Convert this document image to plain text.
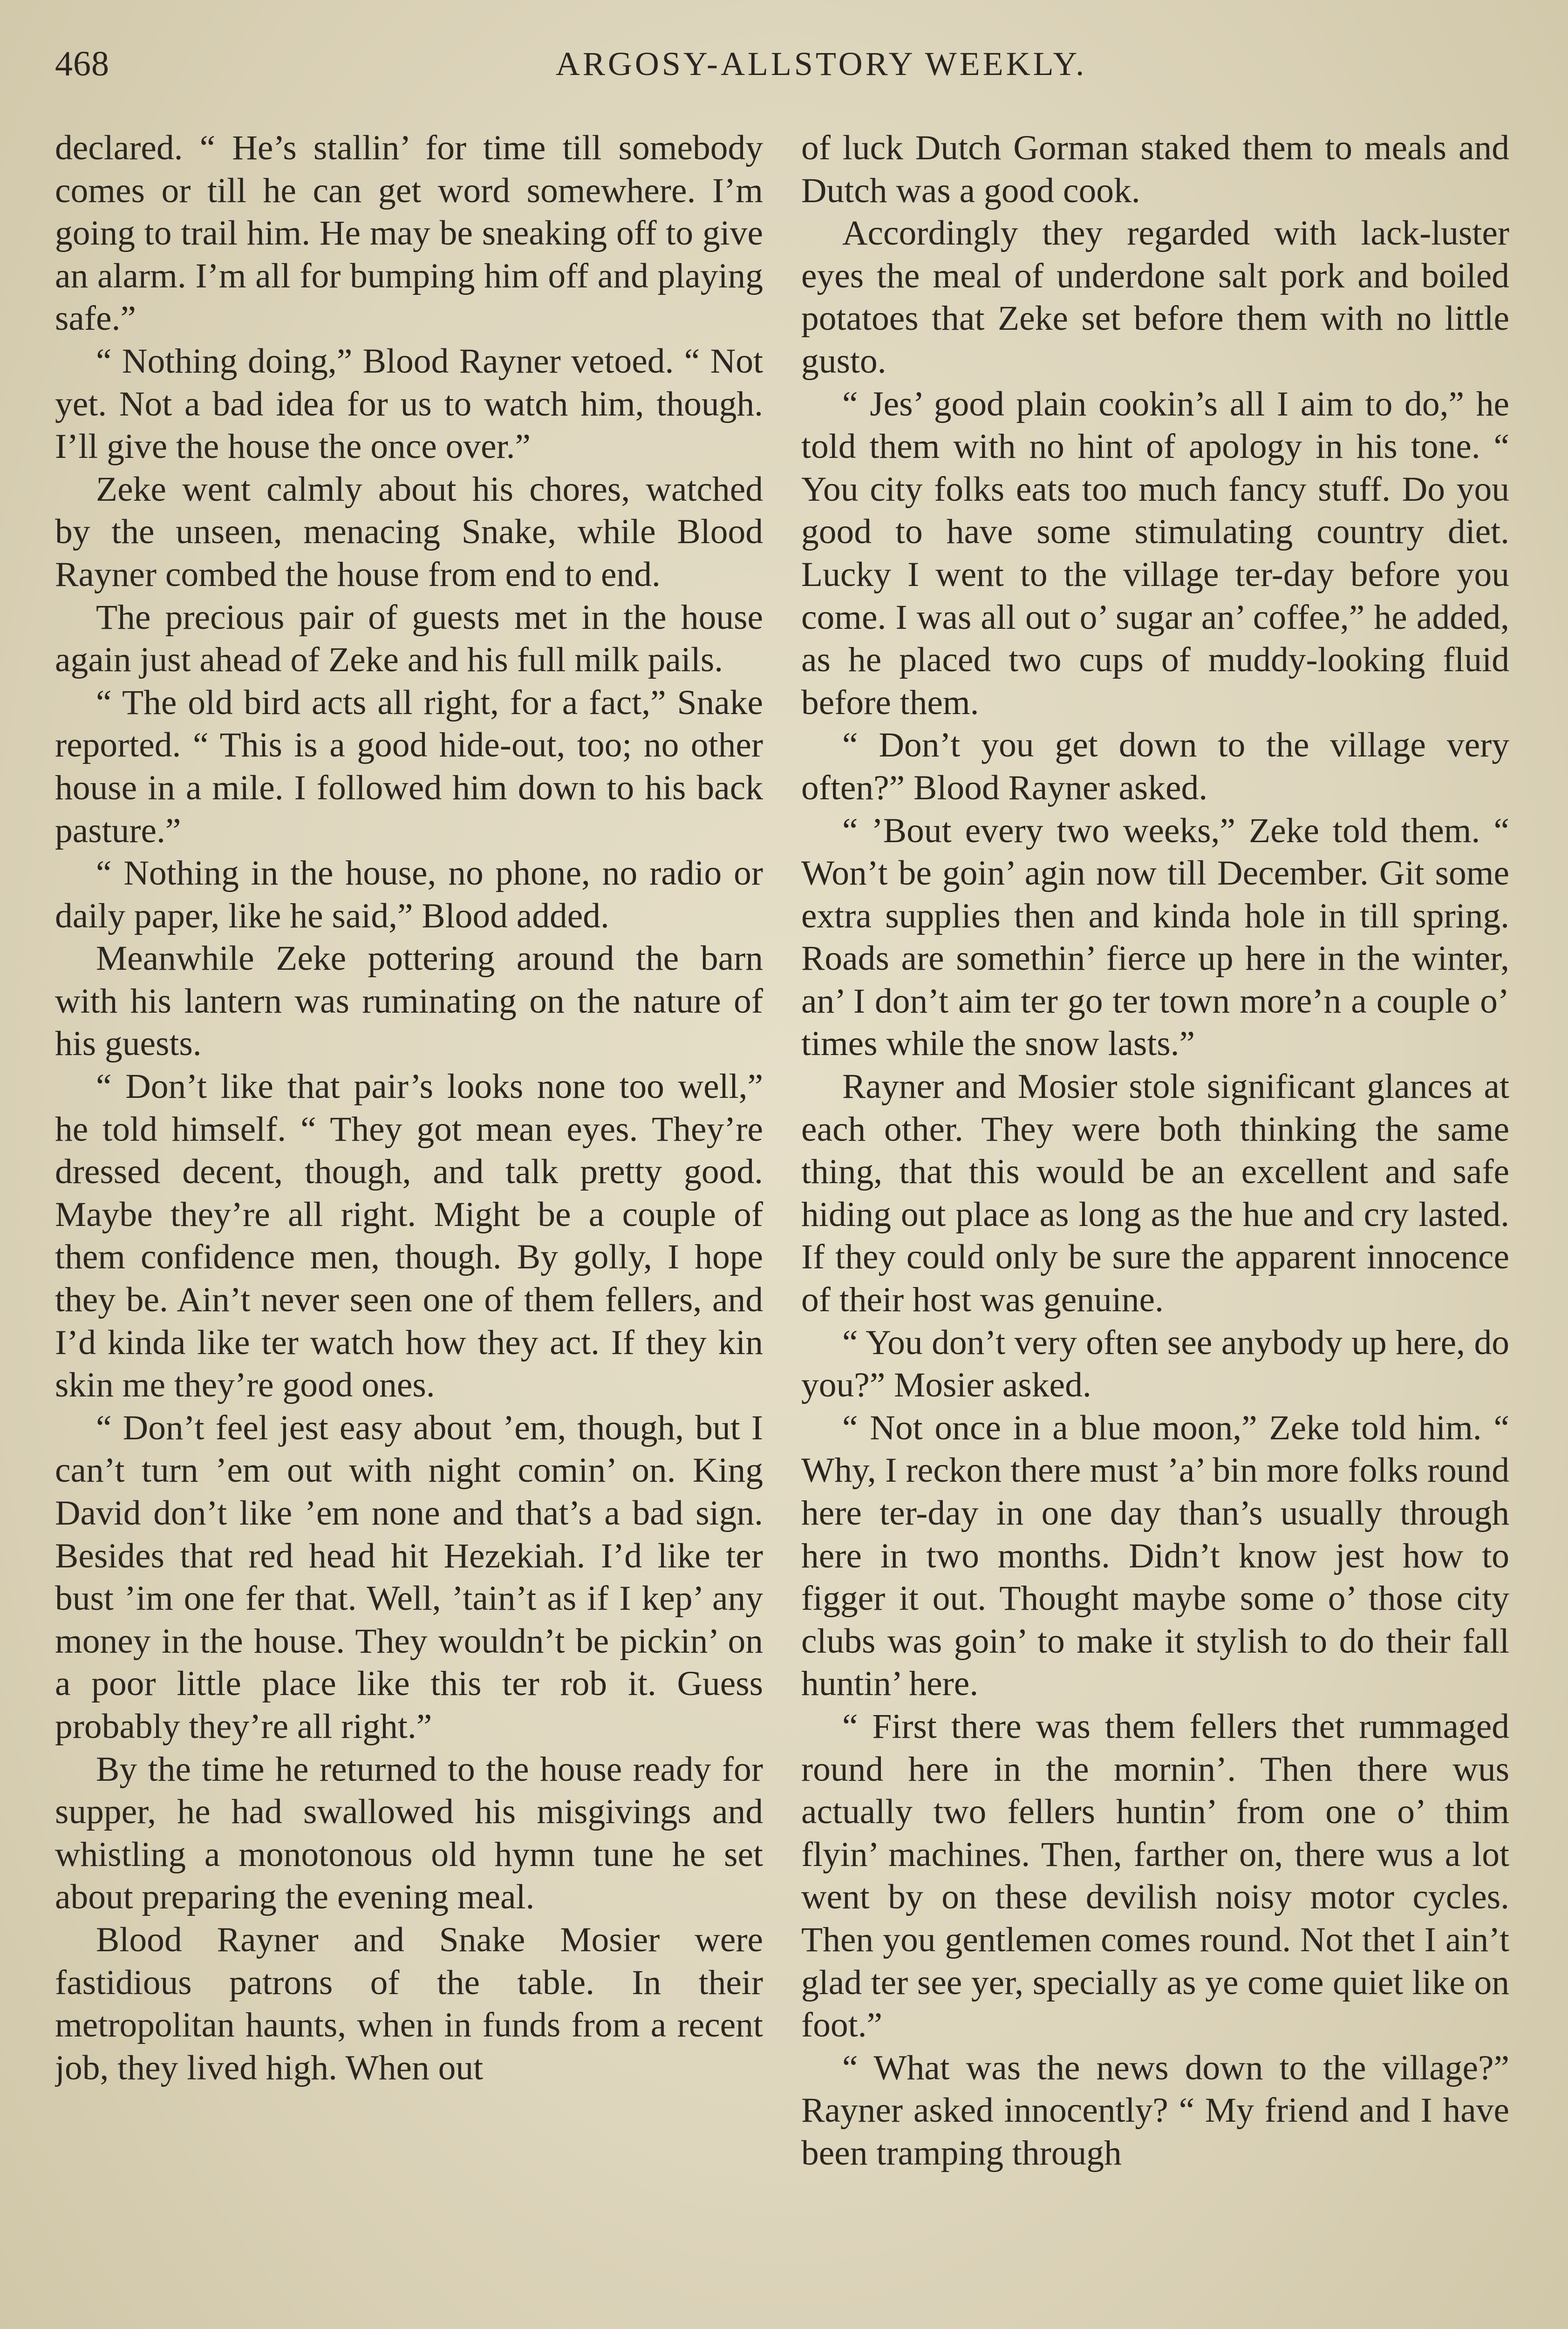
468	ARGOSY-ALLSTORY WEEKLY.

declared. “ He’s stallin’ for time till somebody comes or till he can get word somewhere. I’m going to trail him. He may be sneaking off to give an alarm. I’m all for bumping him off and playing safe.”

“ Nothing doing,” Blood Rayner vetoed. “ Not yet. Not a bad idea for us to watch him, though. I’ll give the house the once over.”

Zeke went calmly about his chores, watched by the unseen, menacing Snake, while Blood Rayner combed the house from end to end.

The precious pair of guests met in the house again just ahead of Zeke and his full milk pails.

“ The old bird acts all right, for a fact,” Snake reported. “ This is a good hide-out, too; no other house in a mile. I followed him down to his back pasture.”

“ Nothing in the house, no phone, no radio or daily paper, like he said,” Blood added.

Meanwhile Zeke pottering around the barn with his lantern was ruminating on the nature of his guests.

“ Don’t like that pair’s looks none too well,” he told himself. “ They got mean eyes. They’re dressed decent, though, and talk pretty good. Maybe they’re all right. Might be a couple of them confidence men, though. By golly, I hope they be. Ain’t never seen one of them fellers, and I’d kinda like ter watch how they act. If they kin skin me they’re good ones.

“ Don’t feel jest easy about ’em, though, but I can’t turn ’em out with night comin’ on. King David don’t like ’em none and that’s a bad sign. Besides that red head hit Hezekiah. I’d like ter bust ’im one fer that. Well, ’tain’t as if I kep’ any money in the house. They wouldn’t be pickin’ on a poor little place like this ter rob it. Guess probably they’re all right.”

By the time he returned to the house ready for supper, he had swallowed his misgivings and whistling a monotonous old hymn tune he set about preparing the evening meal.

Blood Rayner and Snake Mosier were fastidious patrons of the table. In their metropolitan haunts, when in funds from a recent job, they lived high. When out

of luck Dutch Gorman staked them to meals and Dutch was a good cook.

Accordingly they regarded with lack-luster eyes the meal of underdone salt pork and boiled potatoes that Zeke set before them with no little gusto.

“ Jes’ good plain cookin’s all I aim to do,” he told them with no hint of apology in his tone. “ You city folks eats too much fancy stuff. Do you good to have some stimulating country diet. Lucky I went to the village ter-day before you come. I was all out o’ sugar an’ coffee,” he added, as he placed two cups of muddy-looking fluid before them.

“ Don’t you get down to the village very often?” Blood Rayner asked.

“ ’Bout every two weeks,” Zeke told them. “ Won’t be goin’ agin now till December. Git some extra supplies then and kinda hole in till spring. Roads are somethin’ fierce up here in the winter, an’ I don’t aim ter go ter town more’n a couple o’ times while the snow lasts.”

Rayner and Mosier stole significant glances at each other. They were both thinking the same thing, that this would be an excellent and safe hiding out place as long as the hue and cry lasted. If they could only be sure the apparent innocence of their host was genuine.

“ You don’t very often see anybody up here, do you?” Mosier asked.

“ Not once in a blue moon,” Zeke told him. “ Why, I reckon there must ’a’ bin more folks round here ter-day in one day than’s usually through here in two months. Didn’t know jest how to figger it out. Thought maybe some o’ those city clubs was goin’ to make it stylish to do their fall huntin’ here.

“ First there was them fellers thet rummaged round here in the mornin’. Then there wus actually two fellers huntin’ from one o’ thim flyin’ machines. Then, farther on, there wus a lot went by on these devilish noisy motor cycles. Then you gentlemen comes round. Not thet I ain’t glad ter see yer, specially as ye come quiet like on foot.”

“ What was the news down to the village?” Rayner asked innocently? “ My friend and I have been tramping through
